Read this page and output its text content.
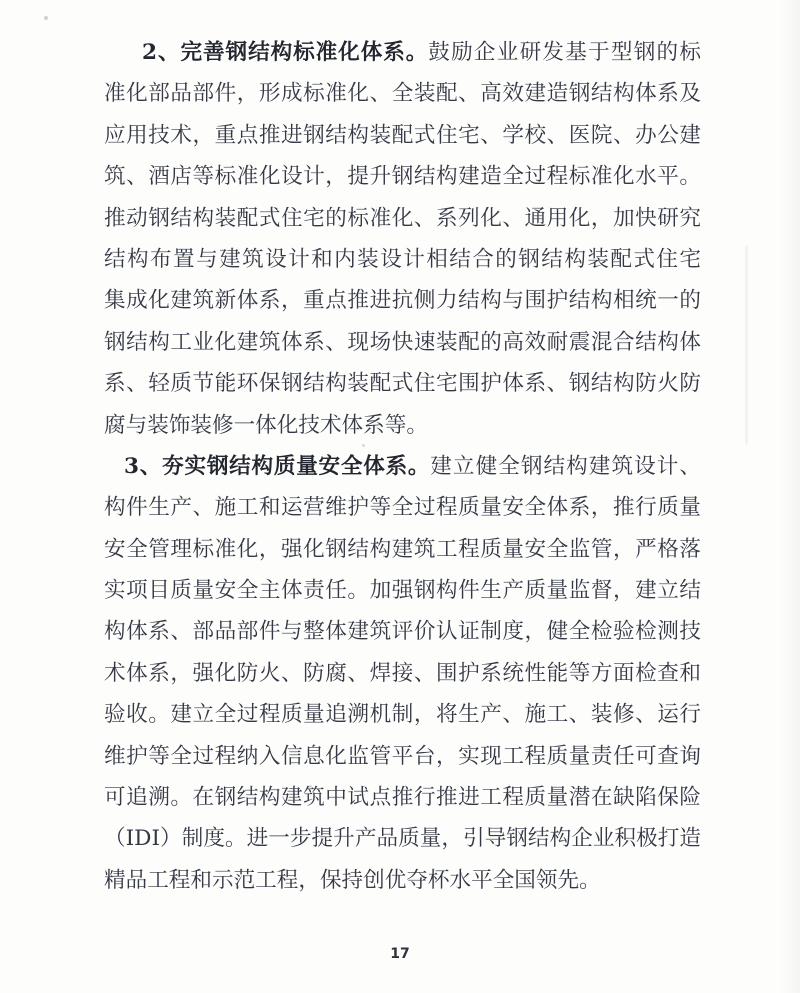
2、完善钢结构标准化体系。鼓励企业研发基于型钢的标
准化部品部件，形成标准化、全装配、高效建造钢结构体系及
应用技术，重点推进钢结构装配式住宅、学校、医院、办公建
筑、酒店等标准化设计，提升钢结构建造全过程标准化水平。
推动钢结构装配式住宅的标准化、系列化、通用化，加快研究
结构布置与建筑设计和内装设计相结合的钢结构装配式住宅
集成化建筑新体系，重点推进抗侧力结构与围护结构相统一的
钢结构工业化建筑体系、现场快速装配的高效耐震混合结构体
系、轻质节能环保钢结构装配式住宅围护体系、钢结构防火防
腐与装饰装修一体化技术体系等。
3、夯实钢结构质量安全体系。建立健全钢结构建筑设计、
构件生产、施工和运营维护等全过程质量安全体系，推行质量
安全管理标准化，强化钢结构建筑工程质量安全监管，严格落
实项目质量安全主体责任。加强钢构件生产质量监督，建立结
构体系、部品部件与整体建筑评价认证制度，健全检验检测技
术体系，强化防火、防腐、焊接、围护系统性能等方面检查和
验收。建立全过程质量追溯机制，将生产、施工、装修、运行
维护等全过程纳入信息化监管平台，实现工程质量责任可查询
可追溯。在钢结构建筑中试点推行推进工程质量潜在缺陷保险
（IDI）制度。进一步提升产品质量，引导钢结构企业积极打造
精品工程和示范工程，保持创优夺杯水平全国领先。
17
